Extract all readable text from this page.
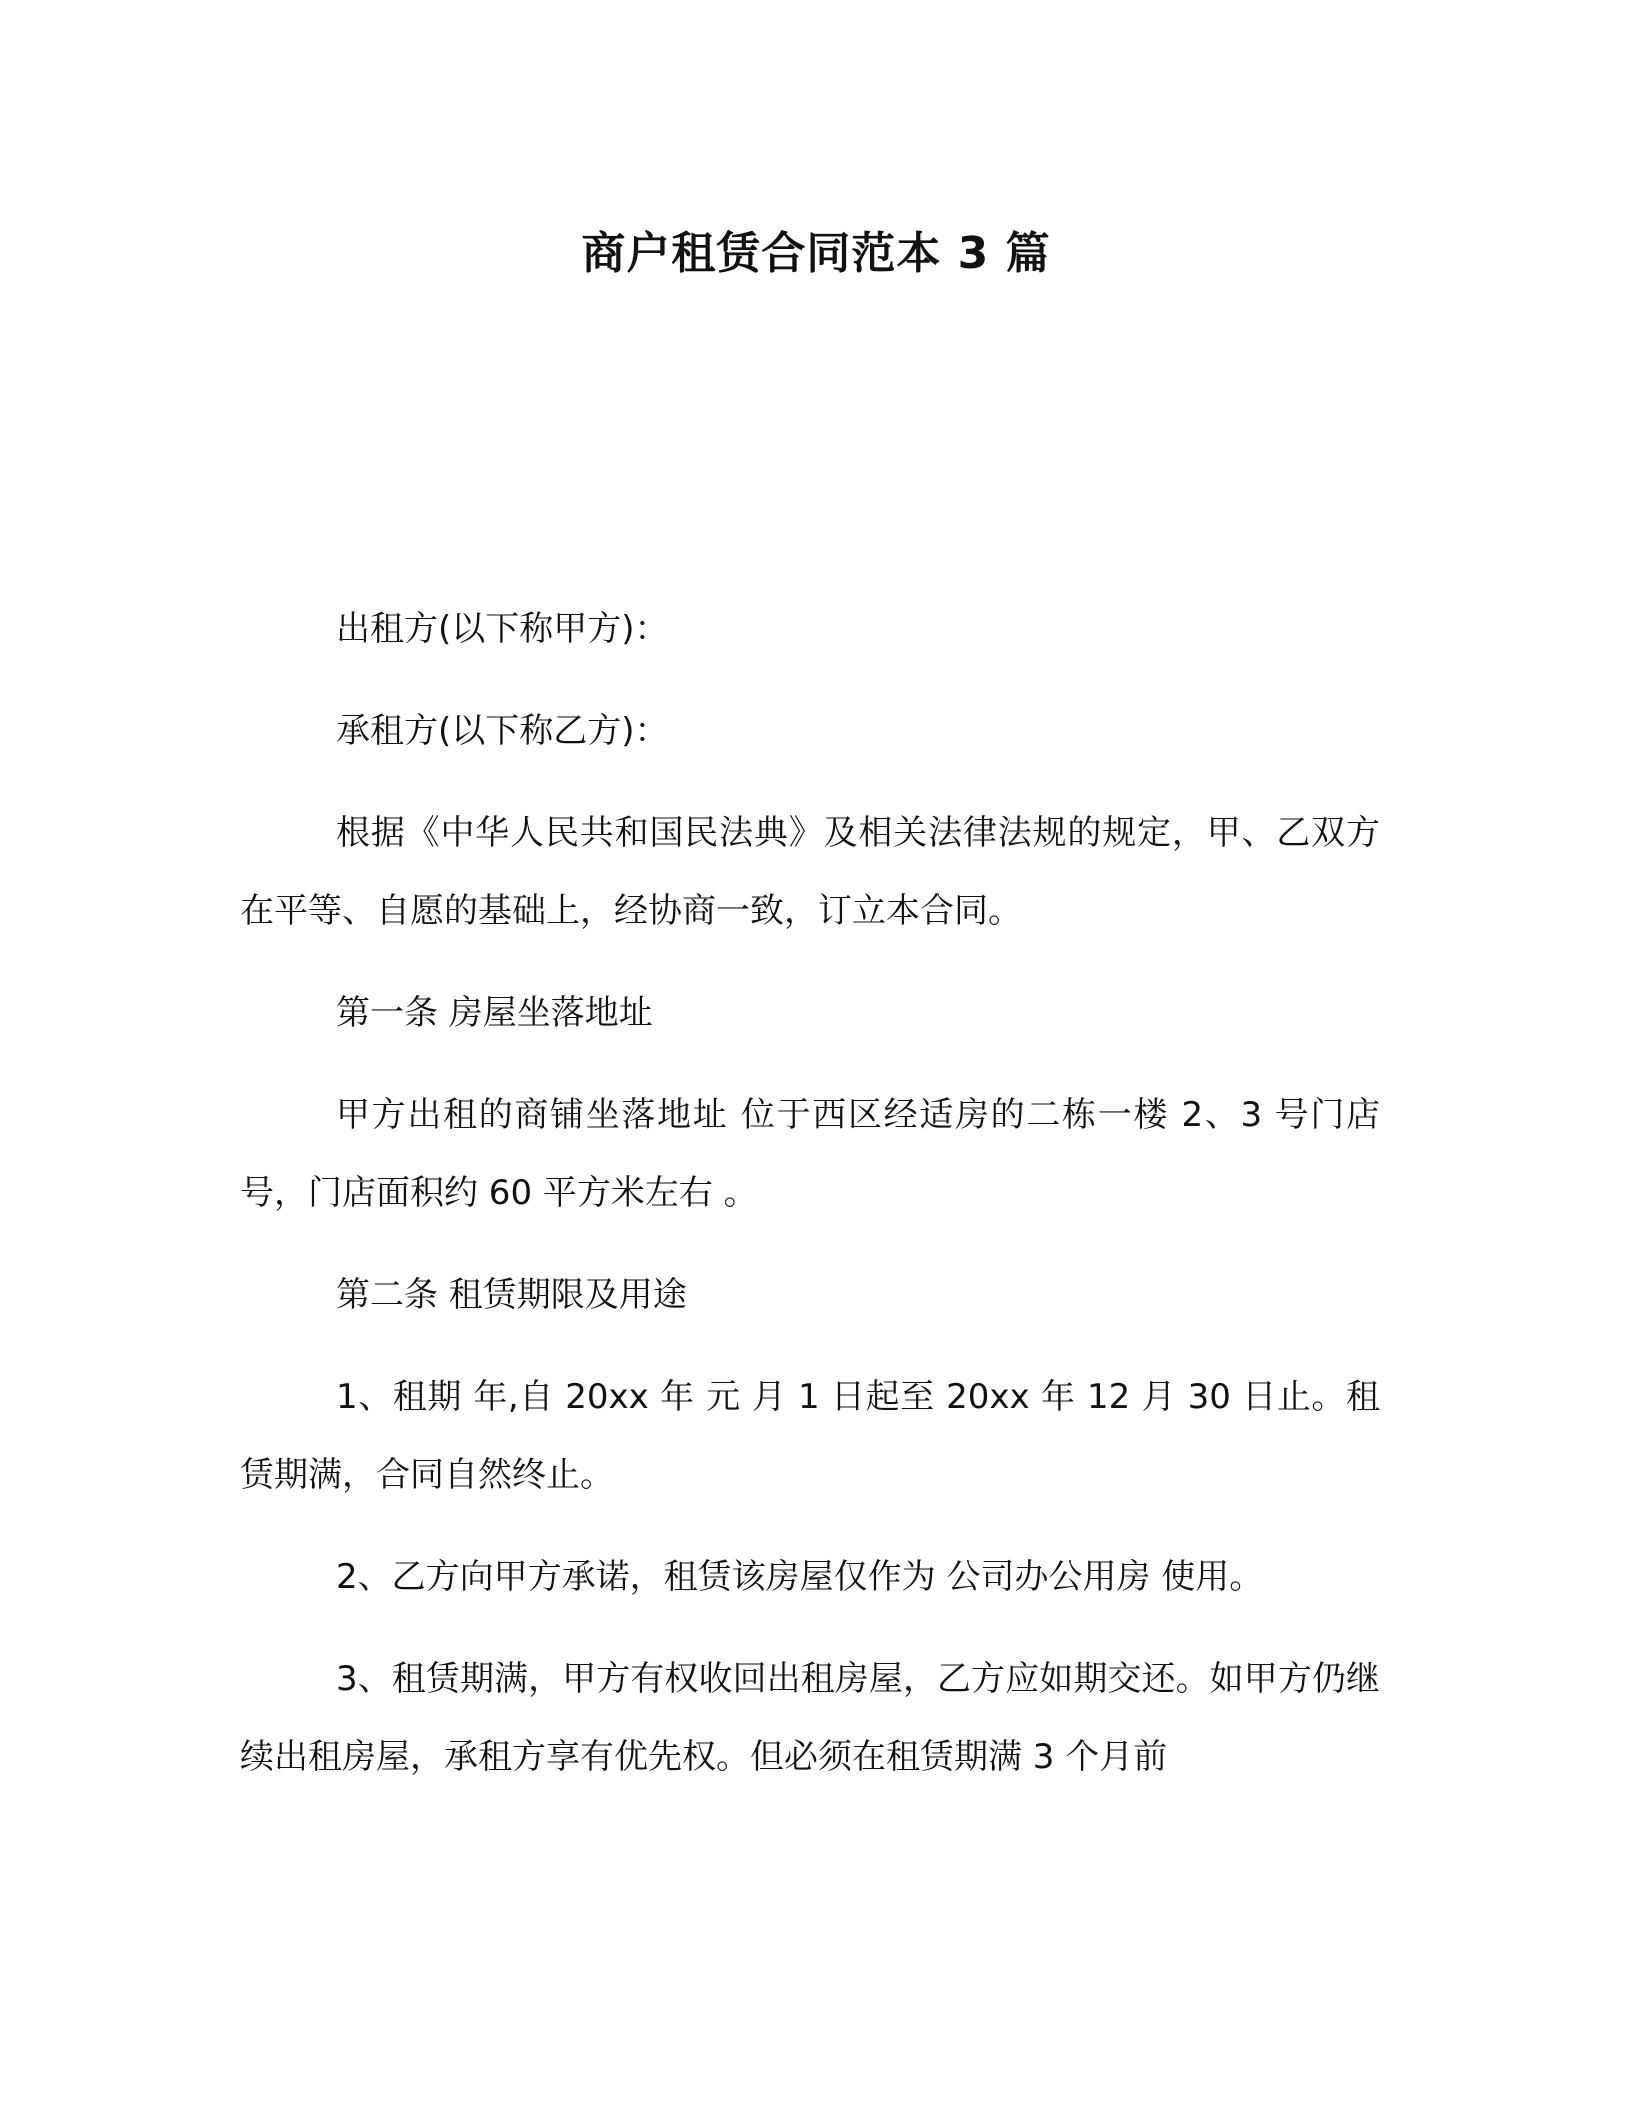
商户租赁合同范本 3 篇

出租方(以下称甲方)：

承租方(以下称乙方)：

根据《中华人民共和国民法典》及相关法律法规的规定，甲、乙双方在平等、自愿的基础上，经协商一致，订立本合同。

第一条 房屋坐落地址

甲方出租的商铺坐落地址 位于西区经适房的二栋一楼 2、3 号门店 号，门店面积约 60 平方米左右 。

第二条 租赁期限及用途

1、租期 年,自 20xx 年 元 月 1 日起至 20xx 年 12 月 30 日止。租赁期满，合同自然终止。

2、乙方向甲方承诺，租赁该房屋仅作为 公司办公用房 使用。

3、租赁期满，甲方有权收回出租房屋，乙方应如期交还。如甲方仍继续出租房屋，承租方享有优先权。但必须在租赁期满 3 个月前
